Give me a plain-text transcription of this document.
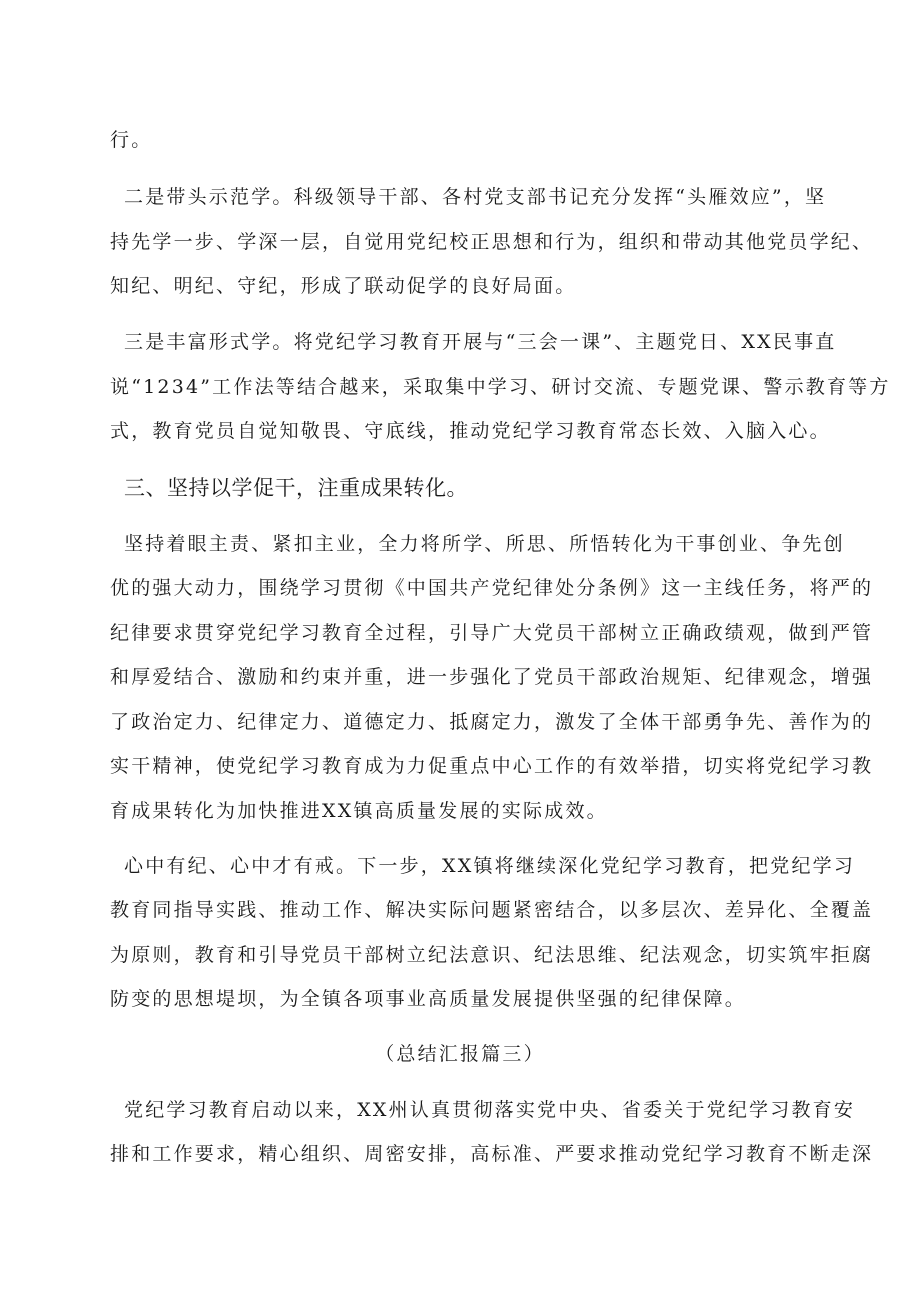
行。
二是带头示范学。科级领导干部、各村党支部书记充分发挥“头雁效应”，坚
持先学一步、学深一层，自觉用党纪校正思想和行为，组织和带动其他党员学纪、
知纪、明纪、守纪，形成了联动促学的良好局面。
三是丰富形式学。将党纪学习教育开展与“三会一课”、主题党日、XX民事直
说“1234”工作法等结合越来，采取集中学习、研讨交流、专题党课、警示教育等方
式，教育党员自觉知敬畏、守底线，推动党纪学习教育常态长效、入脑入心。
三、坚持以学促干，注重成果转化。
坚持着眼主责、紧扣主业，全力将所学、所思、所悟转化为干事创业、争先创
优的强大动力，围绕学习贯彻《中国共产党纪律处分条例》这一主线任务，将严的
纪律要求贯穿党纪学习教育全过程，引导广大党员干部树立正确政绩观，做到严管
和厚爱结合、激励和约束并重，进一步强化了党员干部政治规矩、纪律观念，增强
了政治定力、纪律定力、道德定力、抵腐定力，激发了全体干部勇争先、善作为的
实干精神，使党纪学习教育成为力促重点中心工作的有效举措，切实将党纪学习教
育成果转化为加快推进XX镇高质量发展的实际成效。
心中有纪、心中才有戒。下一步，XX镇将继续深化党纪学习教育，把党纪学习
教育同指导实践、推动工作、解决实际问题紧密结合，以多层次、差异化、全覆盖
为原则，教育和引导党员干部树立纪法意识、纪法思维、纪法观念，切实筑牢拒腐
防变的思想堤坝，为全镇各项事业高质量发展提供坚强的纪律保障。
（总结汇报篇三）
党纪学习教育启动以来，XX州认真贯彻落实党中央、省委关于党纪学习教育安
排和工作要求，精心组织、周密安排，高标准、严要求推动党纪学习教育不断走深
